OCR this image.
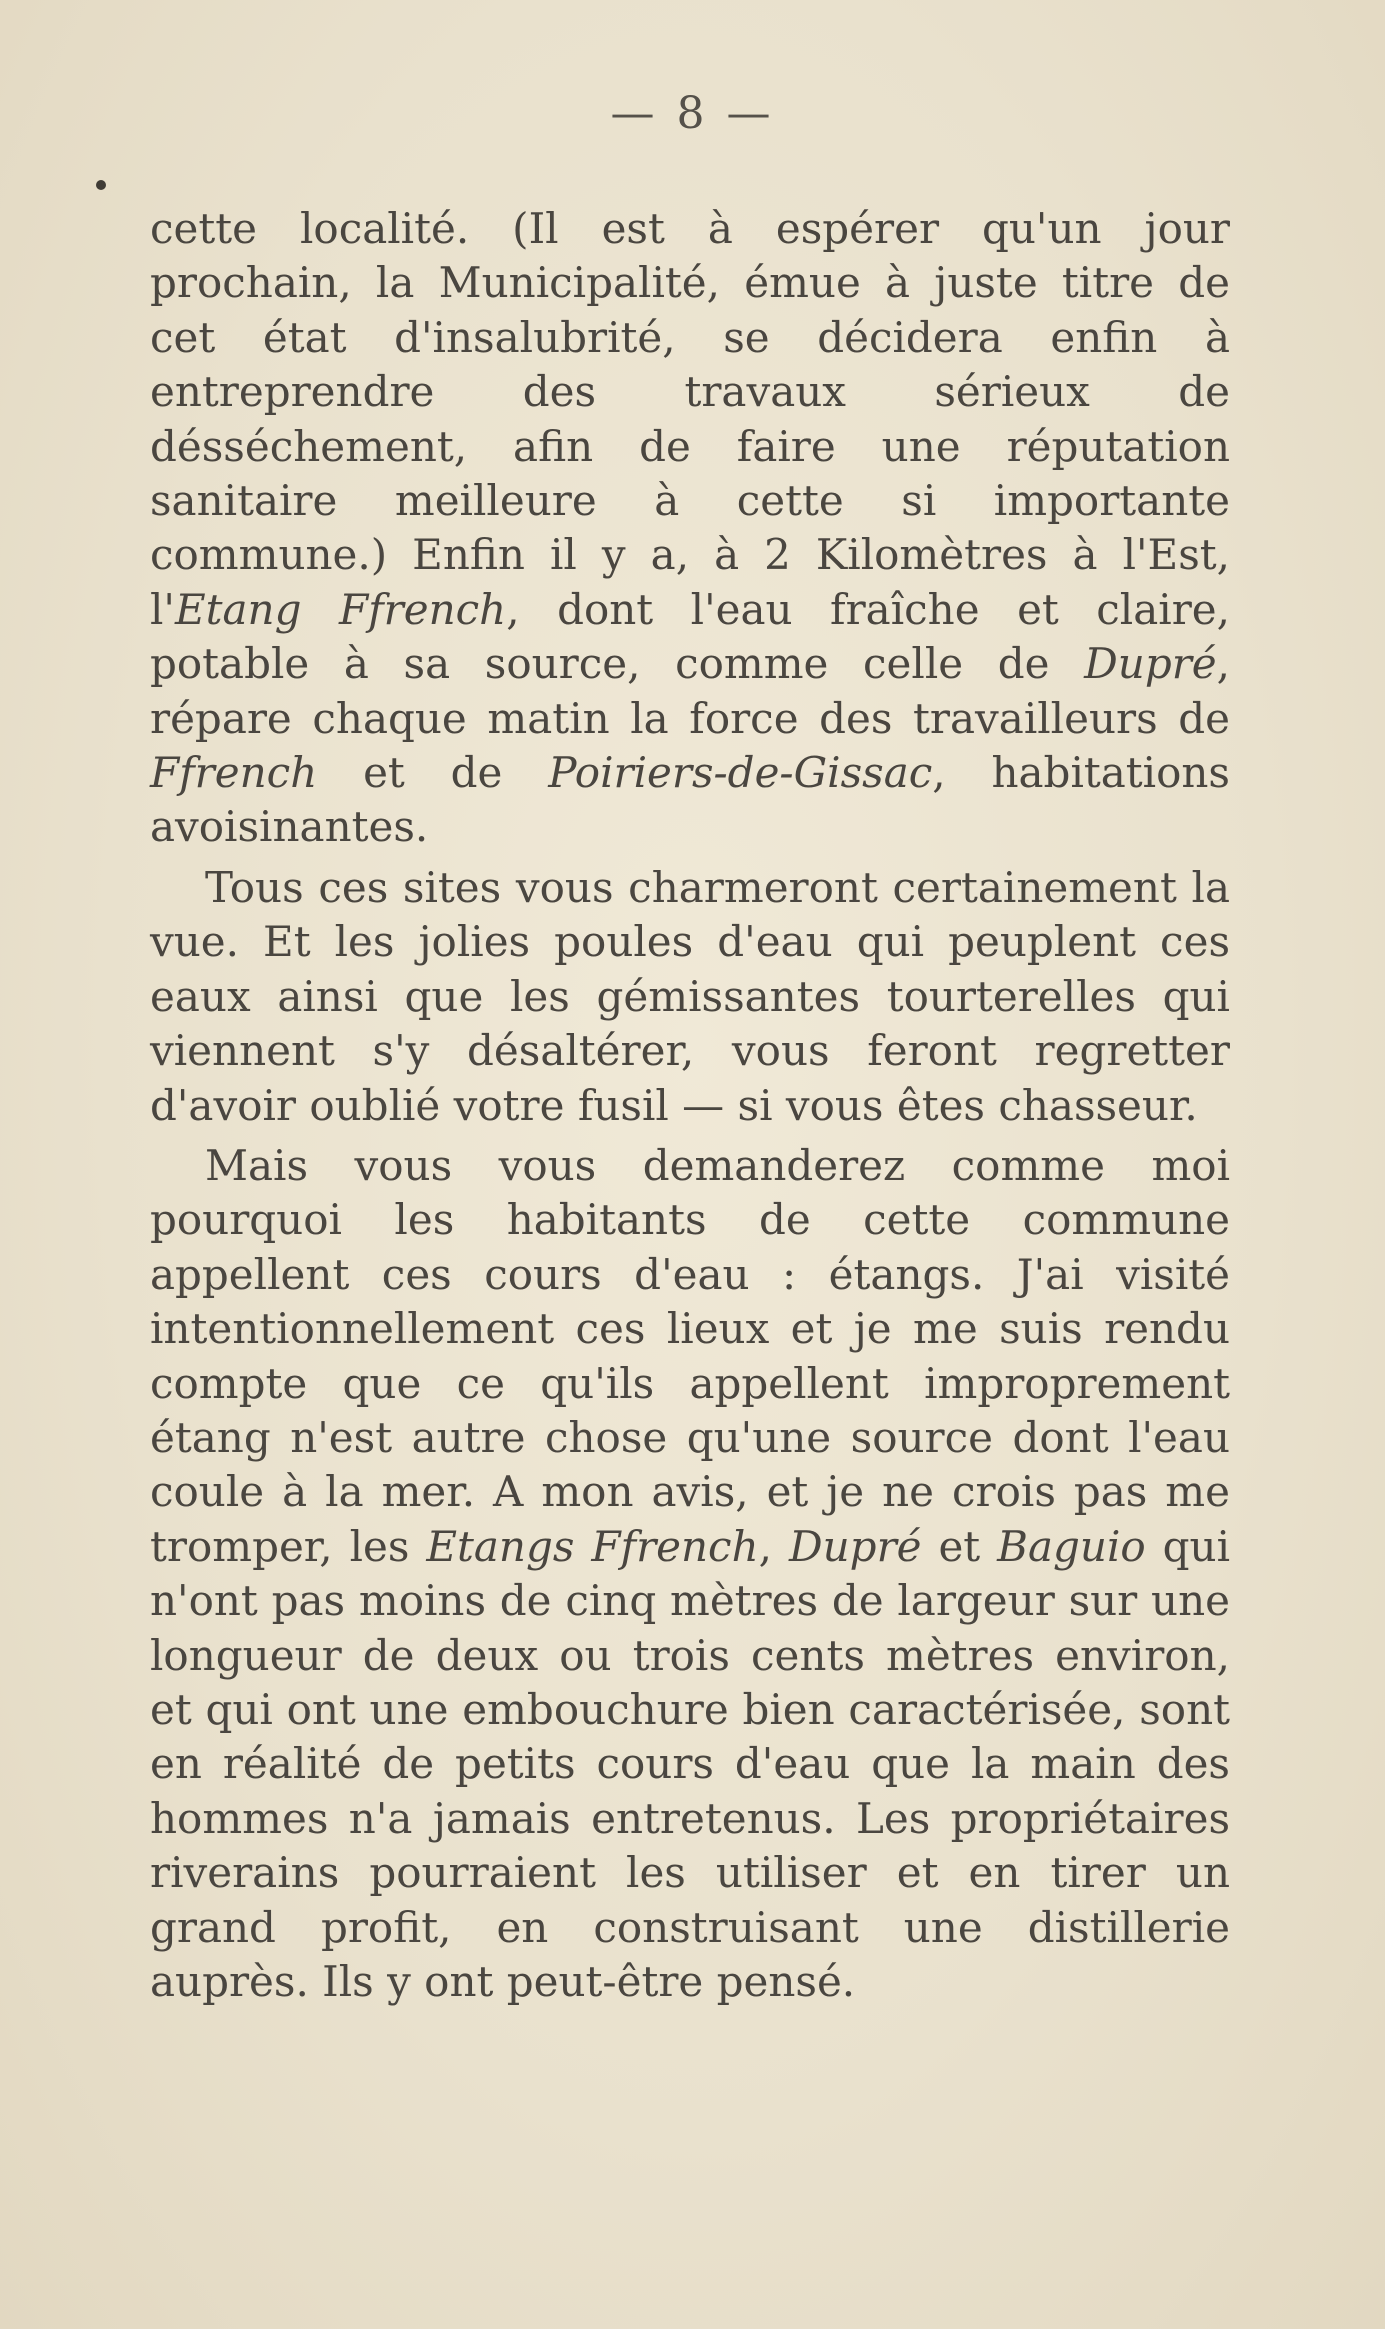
— 8 —

cette localité. (Il est à espérer qu'un jour prochain, la Municipalité, émue à juste titre de cet état d'insalubrité, se décidera enfin à entreprendre des travaux sérieux de désséchement, afin de faire une réputation sanitaire meilleure à cette si importante commune.) Enfin il y a, à 2 Kilomètres à l'Est, l'Etang Ffrench, dont l'eau fraîche et claire, potable à sa source, comme celle de Dupré, répare chaque matin la force des travailleurs de Ffrench et de Poiriers-de-Gissac, habitations avoisinantes.

Tous ces sites vous charmeront certainement la vue. Et les jolies poules d'eau qui peuplent ces eaux ainsi que les gémissantes tourterelles qui viennent s'y désaltérer, vous feront regretter d'avoir oublié votre fusil — si vous êtes chasseur.

Mais vous vous demanderez comme moi pourquoi les habitants de cette commune appellent ces cours d'eau : étangs. J'ai visité intentionnellement ces lieux et je me suis rendu compte que ce qu'ils appellent improprement étang n'est autre chose qu'une source dont l'eau coule à la mer. A mon avis, et je ne crois pas me tromper, les Etangs Ffrench, Dupré et Baguio qui n'ont pas moins de cinq mètres de largeur sur une longueur de deux ou trois cents mètres environ, et qui ont une embouchure bien caractérisée, sont en réalité de petits cours d'eau que la main des hommes n'a jamais entretenus. Les propriétaires riverains pourraient les utiliser et en tirer un grand profit, en construisant une distillerie auprès. Ils y ont peut-être pensé.
